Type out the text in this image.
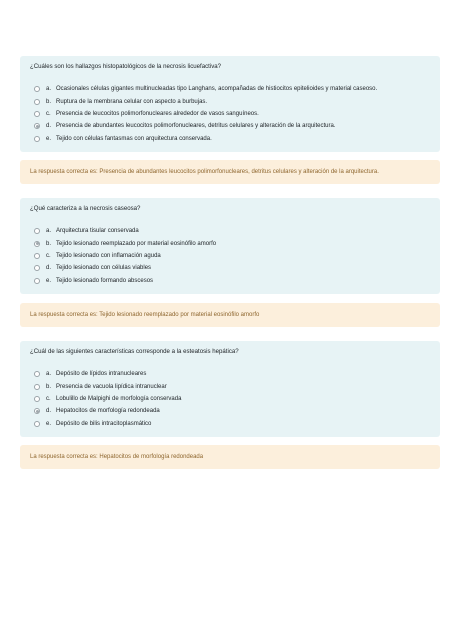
¿Cuáles son los hallazgos histopatológicos de la necrosis licuefactiva?
a. Ocasionales células gigantes multinucleadas tipo Langhans, acompañadas de histiocitos epitelioides y material caseoso.
b. Ruptura de la membrana celular con aspecto a burbujas.
c. Presencia de leucocitos polimorfonucleares alrededor de vasos sanguíneos.
d. Presencia de abundantes leucocitos polimorfonucleares, detritus celulares y alteración de la arquitectura.
e. Tejido con células fantasmas con arquitectura conservada.
La respuesta correcta es: Presencia de abundantes leucocitos polimorfonucleares, detritus celulares y alteración de la arquitectura.
¿Qué caracteriza a la necrosis caseosa?
a. Arquitectura tisular conservada
b. Tejido lesionado reemplazado por material eosinófilo amorfo
c. Tejido lesionado con inflamación aguda
d. Tejido lesionado con células viables
e. Tejido lesionado formando abscesos
La respuesta correcta es: Tejido lesionado reemplazado por material eosinófilo amorfo
¿Cuál de las siguientes características corresponde a la esteatosis hepática?
a. Depósito de lípidos intranucleares
b. Presencia de vacuola lipídica intranuclear
c. Lobulillo de Malpighi de morfología conservada
d. Hepatocitos de morfología redondeada
e. Depósito de bilis intracitoplasmático
La respuesta correcta es: Hepatocitos de morfología redondeada
